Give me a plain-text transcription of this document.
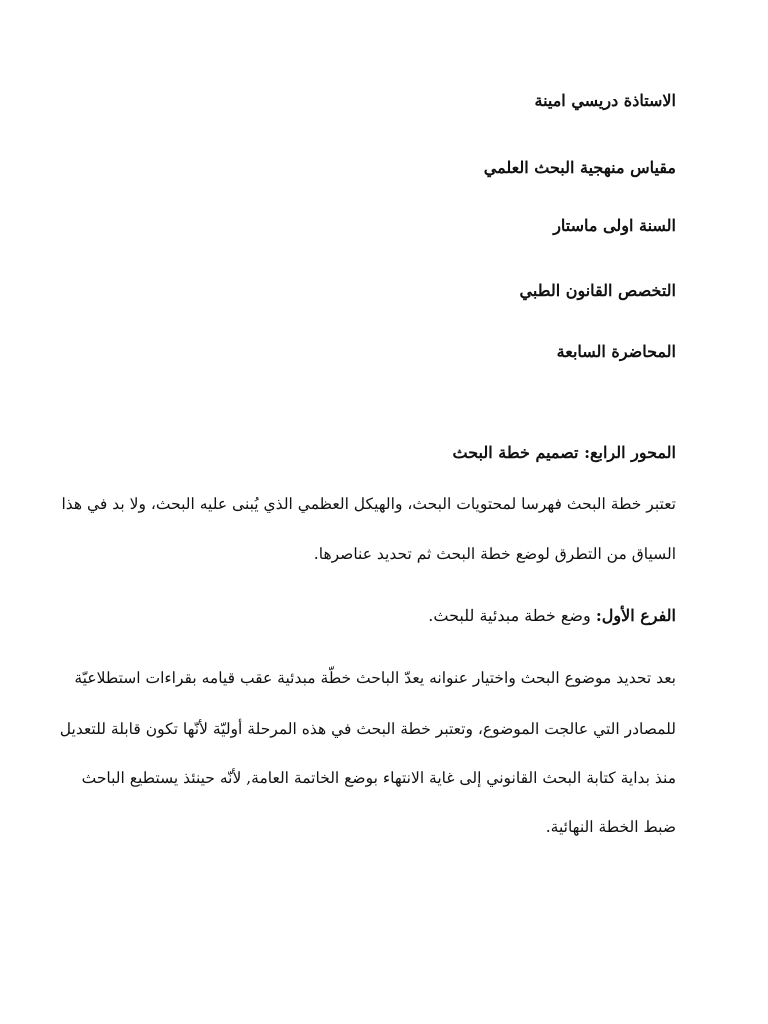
الاستاذة دريسي امينة
مقياس منهجية البحث العلمي
السنة اولى ماستار
التخصص القانون الطبي
المحاضرة السابعة
المحور الرابع: تصميم خطة البحث
تعتبر خطة البحث فهرسا لمحتويات البحث، والهيكل العظمي الذي يُبنى عليه البحث، ولا بد في هذا
السياق من التطرق لوضع خطة البحث ثم تحديد عناصرها.
الفرع الأول: وضع خطة مبدئية للبحث.
بعد تحديد موضوع البحث واختيار عنوانه يعدّ الباحث خطّة مبدئية عقب قيامه بقراءات استطلاعيّة
للمصادر التي عالجت الموضوع، وتعتبر خطة البحث في هذه المرحلة أوليّة لأنّها تكون قابلة للتعديل
منذ بداية كتابة البحث القانوني إلى غاية الانتهاء بوضع الخاتمة العامة, لأنّه حينئذ يستطيع الباحث
ضبط الخطة النهائية.
